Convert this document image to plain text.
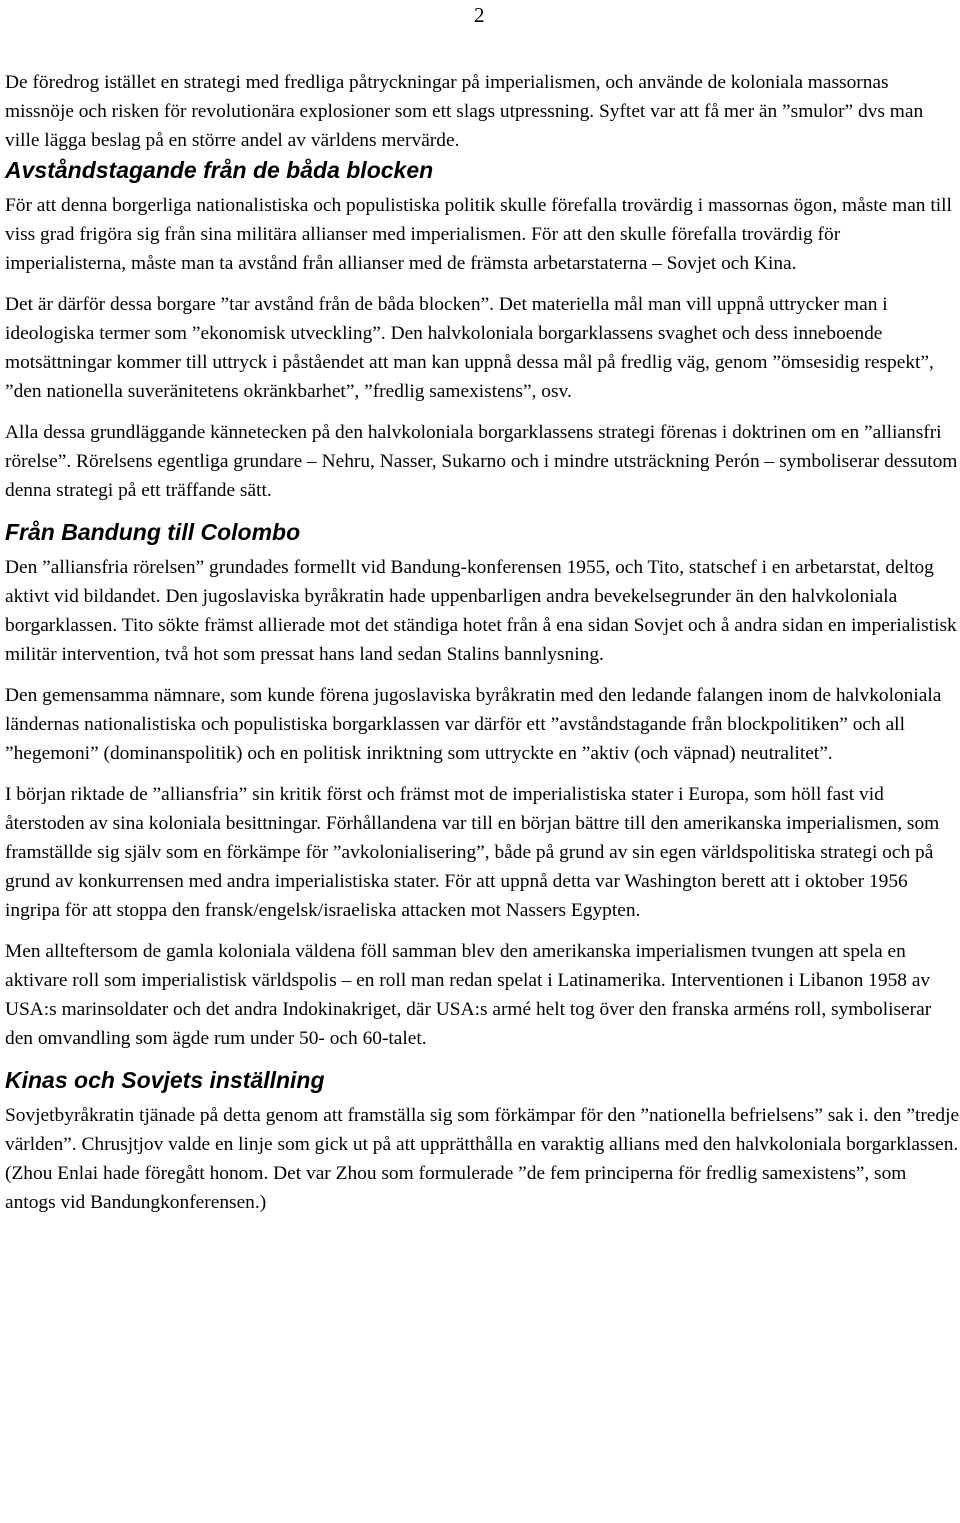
2

De föredrog istället en strategi med fredliga påtryckningar på imperialismen, och använde de koloniala massornas missnöje och risken för revolutionära explosioner som ett slags utpressning. Syftet var att få mer än ”smulor” dvs man ville lägga beslag på en större andel av världens mervärde.

Avståndstagande från de båda blocken

För att denna borgerliga nationalistiska och populistiska politik skulle förefalla trovärdig i massornas ögon, måste man till viss grad frigöra sig från sina militära allianser med imperialismen. För att den skulle förefalla trovärdig för imperialisterna, måste man ta avstånd från allianser med de främsta arbetarstaterna – Sovjet och Kina.

Det är därför dessa borgare ”tar avstånd från de båda blocken”. Det materiella mål man vill uppnå uttrycker man i ideologiska termer som ”ekonomisk utveckling”. Den halvkoloniala borgarklassens svaghet och dess inneboende motsättningar kommer till uttryck i påståendet att man kan uppnå dessa mål på fredlig väg, genom ”ömsesidig respekt”, ”den nationella suveränitetens okränkbarhet”, ”fredlig samexistens”, osv.

Alla dessa grundläggande kännetecken på den halvkoloniala borgarklassens strategi förenas i doktrinen om en ”alliansfri rörelse”. Rörelsens egentliga grundare – Nehru, Nasser, Sukarno och i mindre utsträckning Perón – symboliserar dessutom denna strategi på ett träffande sätt.

Från Bandung till Colombo

Den ”alliansfria rörelsen” grundades formellt vid Bandung-konferensen 1955, och Tito, statschef i en arbetarstat, deltog aktivt vid bildandet. Den jugoslaviska byråkratin hade uppenbarligen andra bevekelsegrunder än den halvkoloniala borgarklassen. Tito sökte främst allierade mot det ständiga hotet från å ena sidan Sovjet och å andra sidan en imperialistisk militär intervention, två hot som pressat hans land sedan Stalins bannlysning.

Den gemensamma nämnare, som kunde förena jugoslaviska byråkratin med den ledande falangen inom de halvkoloniala ländernas nationalistiska och populistiska borgarklassen var därför ett ”avståndstagande från blockpolitiken” och all ”hegemoni” (dominanspolitik) och en politisk inriktning som uttryckte en ”aktiv (och väpnad) neutralitet”.

I början riktade de ”alliansfria” sin kritik först och främst mot de imperialistiska stater i Europa, som höll fast vid återstoden av sina koloniala besittningar. Förhållandena var till en början bättre till den amerikanska imperialismen, som framställde sig själv som en förkämpe för ”avkolonialisering”, både på grund av sin egen världspolitiska strategi och på grund av konkurrensen med andra imperialistiska stater. För att uppnå detta var Washington berett att i oktober 1956 ingripa för att stoppa den fransk/engelsk/israeliska attacken mot Nassers Egypten.

Men allteftersom de gamla koloniala väldena föll samman blev den amerikanska imperialismen tvungen att spela en aktivare roll som imperialistisk världspolis – en roll man redan spelat i Latinamerika. Interventionen i Libanon 1958 av USA:s marinsoldater och det andra Indokinakriget, där USA:s armé helt tog över den franska arméns roll, symboliserar den omvandling som ägde rum under 50- och 60-talet.

Kinas och Sovjets inställning

Sovjetbyråkratin tjänade på detta genom att framställa sig som förkämpar för den ”nationella befrielsens” sak i. den ”tredje världen”. Chrusjtjov valde en linje som gick ut på att upprätthålla en varaktig allians med den halvkoloniala borgarklassen. (Zhou Enlai hade föregått honom. Det var Zhou som formulerade ”de fem principerna för fredlig samexistens”, som antogs vid Bandungkonferensen.)
